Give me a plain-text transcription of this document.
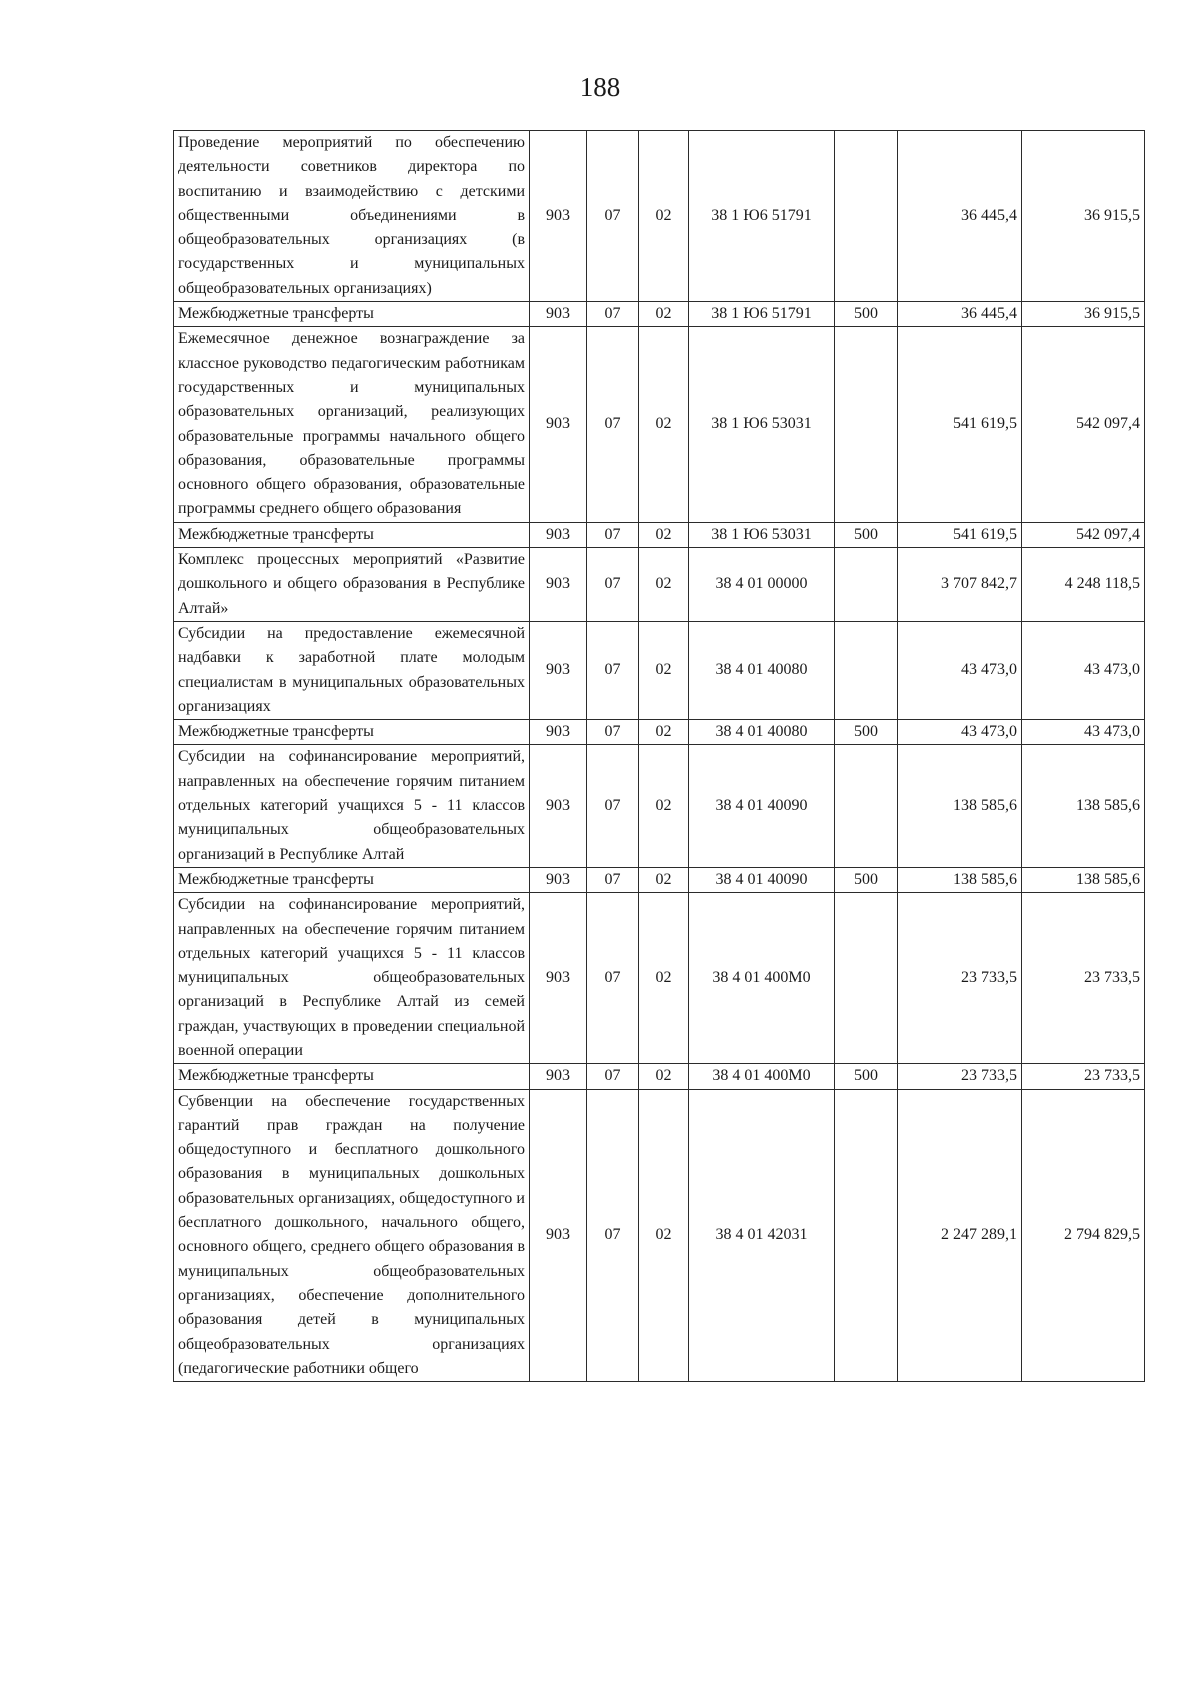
188
Проведение мероприятий по обеспечению деятельности советников директора по воспитанию и взаимодействию с детскими общественными объединениями в общеобразовательных организациях (в государственных и муниципальных общеобразовательных организациях)	903	07	02	38 1 Ю6 51791		36 445,4	36 915,5
Межбюджетные трансферты	903	07	02	38 1 Ю6 51791	500	36 445,4	36 915,5
Ежемесячное денежное вознаграждение за классное руководство педагогическим работникам государственных и муниципальных образовательных организаций, реализующих образовательные программы начального общего образования, образовательные программы основного общего образования, образовательные программы среднего общего образования	903	07	02	38 1 Ю6 53031		541 619,5	542 097,4
Межбюджетные трансферты	903	07	02	38 1 Ю6 53031	500	541 619,5	542 097,4
Комплекс процессных мероприятий «Развитие дошкольного и общего образования в Республике Алтай»	903	07	02	38 4 01 00000		3 707 842,7	4 248 118,5
Субсидии на предоставление ежемесячной надбавки к заработной плате молодым специалистам в муниципальных образовательных организациях	903	07	02	38 4 01 40080		43 473,0	43 473,0
Межбюджетные трансферты	903	07	02	38 4 01 40080	500	43 473,0	43 473,0
Субсидии на софинансирование мероприятий, направленных на обеспечение горячим питанием отдельных категорий учащихся 5 - 11 классов муниципальных общеобразовательных организаций в Республике Алтай	903	07	02	38 4 01 40090		138 585,6	138 585,6
Межбюджетные трансферты	903	07	02	38 4 01 40090	500	138 585,6	138 585,6
Субсидии на софинансирование мероприятий, направленных на обеспечение горячим питанием отдельных категорий учащихся 5 - 11 классов муниципальных общеобразовательных организаций в Республике Алтай из семей граждан, участвующих в проведении специальной военной операции	903	07	02	38 4 01 400М0		23 733,5	23 733,5
Межбюджетные трансферты	903	07	02	38 4 01 400М0	500	23 733,5	23 733,5
Субвенции на обеспечение государственных гарантий прав граждан на получение общедоступного и бесплатного дошкольного образования в муниципальных дошкольных образовательных организациях, общедоступного и бесплатного дошкольного, начального общего, основного общего, среднего общего образования в муниципальных общеобразовательных организациях, обеспечение дополнительного образования детей в муниципальных общеобразовательных организациях (педагогические работники общего	903	07	02	38 4 01 42031		2 247 289,1	2 794 829,5
